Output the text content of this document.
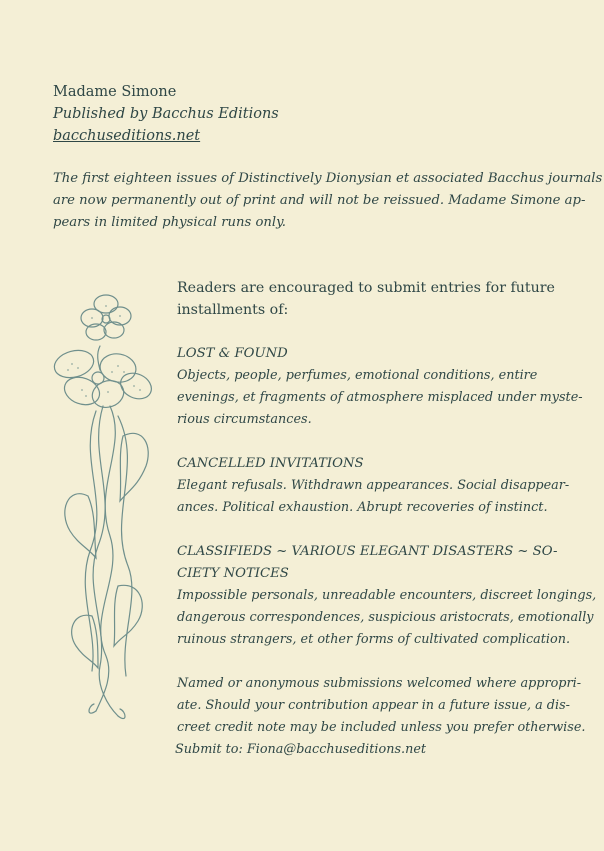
Madame Simone
Published by Bacchus Editions
bacchuseditions.net
The first eighteen issues of Distinctively Dionysian et associated Bacchus journals
are now permanently out of print and will not be reissued. Madame Simone ap-
pears in limited physical runs only.
Readers are encouraged to submit entries for future
installments of:
LOST & FOUND
Objects, people, perfumes, emotional conditions, entire
evenings, et fragments of atmosphere misplaced under myste-
rious circumstances.
CANCELLED INVITATIONS
Elegant refusals. Withdrawn appearances. Social disappear-
ances. Political exhaustion. Abrupt recoveries of instinct.
CLASSIFIEDS ~ VARIOUS ELEGANT DISASTERS ~ SO-
CIETY NOTICES
Impossible personals, unreadable encounters, discreet longings,
dangerous correspondences, suspicious aristocrats, emotionally
ruinous strangers, et other forms of cultivated complication.
Named or anonymous submissions welcomed where appropri-
ate. Should your contribution appear in a future issue, a dis-
creet credit note may be included unless you prefer otherwise.
Submit to: Fiona@bacchuseditions.net
